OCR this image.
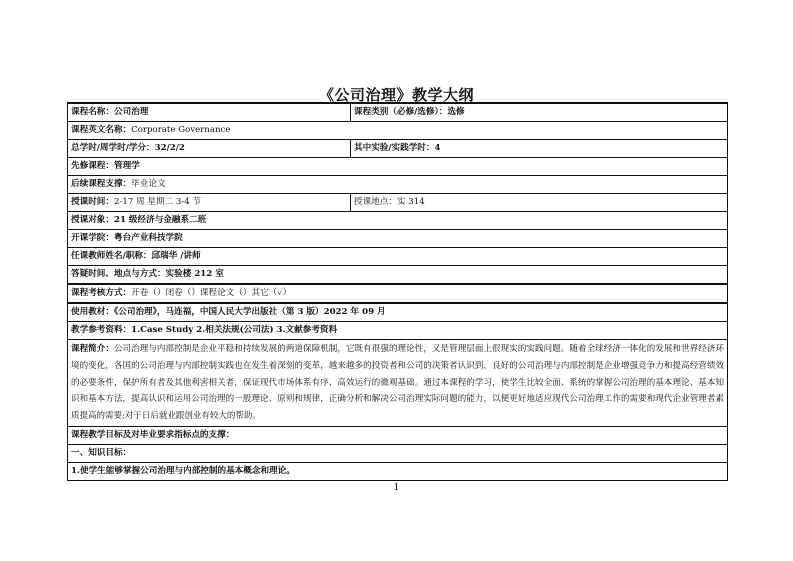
《公司治理》教学大纲
课程名称：公司治理	课程类别（必修/选修）：选修
课程英文名称：Corporate Governance	
总学时/周学时/学分：32/2/2	其中实验/实践学时：4
先修课程：管理学	
后续课程支撑：毕业论文	
授课时间：2-17 周 星期二 3-4 节	授课地点：实 314
授课对象：21 级经济与金融系二班	
开课学院：粤台产业科技学院	
任课教师姓名/职称：邱瑞华 /讲师	
答疑时间、地点与方式：实验楼 212 室	
课程考核方式：开卷（）闭卷（）课程论文（）其它（✓）	
使用教材：《公司治理》，马连福，中国人民大学出版社（第 3 版）2022 年 09 月	
教学参考资料：1.Case Study 2.相关法规(公司法) 3.文献参考资料	
课程简介：公司治理与内部控制是企业平稳和持续发展的两道保障机制，它既有很强的理论性，又是管理层面上很现实的实践问题。随着全球经济一体化的发展和世界经济环境的变化，各国的公司治理与内部控制实践也在发生着深刻的变革，越来越多的投资者和公司的决策者认识到，良好的公司治理与内部控制是企业增强竞争力和提高经营绩效的必要条件，保护所有者及其他利害相关者，保证现代市场体系有序、高效运行的微观基础。通过本课程的学习，使学生比较全面、系统的掌握公司治理的基本理论、基本知识和基本方法，提高认识和运用公司治理的一般理论、原则和规律，正确分析和解决公司治理实际问题的能力，以便更好地适应现代公司治理工作的需要和现代企业管理者素质提高的需要;对于日后就业跟创业有较大的帮助。	
课程教学目标及对毕业要求指标点的支撑：	
一、知识目标：	
1.使学生能够掌握公司治理与内部控制的基本概念和理论。	
1
